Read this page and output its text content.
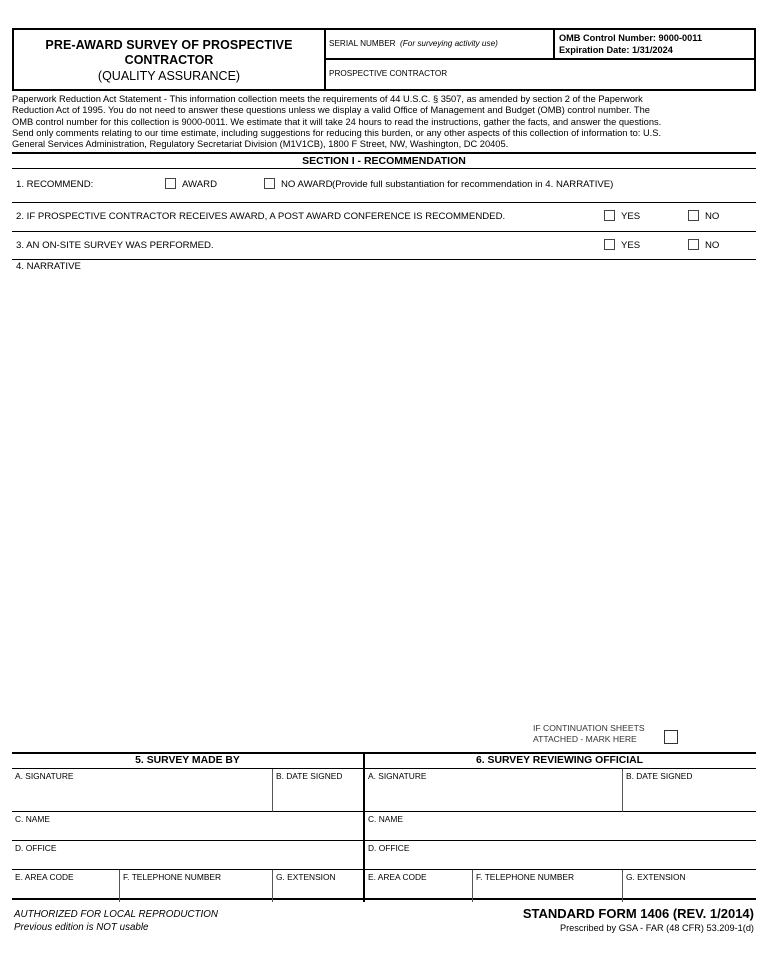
PRE-AWARD SURVEY OF PROSPECTIVE
CONTRACTOR
(QUALITY ASSURANCE)
SERIAL NUMBER (For surveying activity use)
OMB Control Number: 9000-0011
Expiration Date: 1/31/2024
PROSPECTIVE CONTRACTOR

Paperwork Reduction Act Statement - This information collection meets the requirements of 44 U.S.C. § 3507, as amended by section 2 of the Paperwork

Reduction Act of 1995. You do not need to answer these questions unless we display a valid Office of Management and Budget (OMB) control number. The

OMB control number for this collection is 9000-0011. We estimate that it will take 24 hours to read the instructions, gather the facts, and answer the questions.

Send only comments relating to our time estimate, including suggestions for reducing this burden, or any other aspects of this collection of information to: U.S.

General Services Administration, Regulatory Secretariat Division (M1V1CB), 1800 F Street, NW, Washington, DC 20405.

SECTION I - RECOMMENDATION
1. RECOMMEND:	AWARD	NO AWARD (Provide full substantiation for recommendation in 4. NARRATIVE)
2. IF PROSPECTIVE CONTRACTOR RECEIVES AWARD, A POST AWARD CONFERENCE IS RECOMMENDED.	YES	NO
3. AN ON-SITE SURVEY WAS PERFORMED.	YES	NO
4. NARRATIVE
IF CONTINUATION SHEETS
ATTACHED - MARK HERE
5. SURVEY MADE BY	6. SURVEY REVIEWING OFFICIAL
A. SIGNATURE	B. DATE SIGNED	A. SIGNATURE	B. DATE SIGNED
C. NAME	C. NAME
D. OFFICE	D. OFFICE
E. AREA CODE	F. TELEPHONE NUMBER	G. EXTENSION	E. AREA CODE	F. TELEPHONE NUMBER	G. EXTENSION
AUTHORIZED FOR LOCAL REPRODUCTION
Previous edition is NOT usable
STANDARD FORM 1406 (REV. 1/2014)
Prescribed by GSA - FAR (48 CFR) 53.209-1(d)
